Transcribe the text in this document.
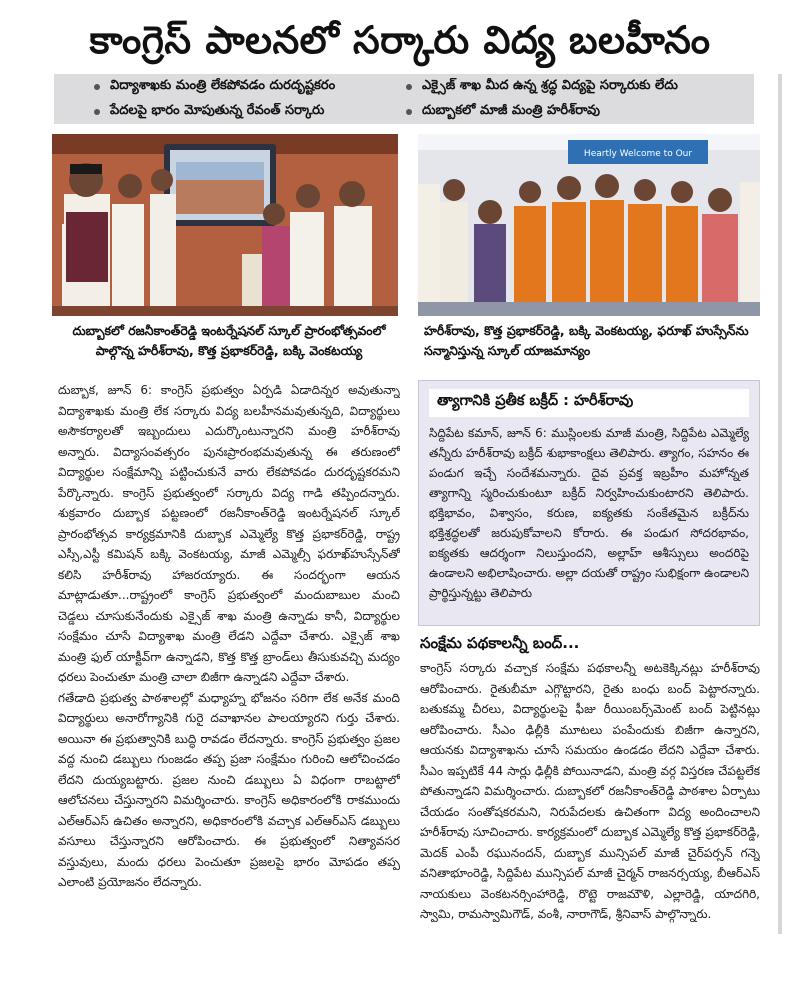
కాంగ్రెస్ పాలనలో సర్కారు విద్య బలహీనం
విద్యాశాఖకు మంత్రి లేకపోవడం దురదృష్టకరం	ఎక్సైజ్ శాఖ మీద ఉన్న శ్రద్ధ విద్యపై సర్కారుకు లేదు
పేదలపై భారం మోపుతున్న రేవంత్ సర్కారు	దుబ్బాకలో మాజీ మంత్రి హరీశ్‌రావు
Heartly Welcome to Our
దుబ్బాకలో రజనీకాంత్‌రెడ్డి ఇంటర్నేషనల్ స్కూల్ ప్రారంభోత్సవంలో పాల్గొన్న హరీశ్‌రావు, కొత్త ప్రభాకర్‌రెడ్డి, బక్కి వెంకటయ్య
హరీశ్‌రావు, కొత్త ప్రభాకర్‌రెడ్డి, బక్కి వెంకటయ్య, ఫరూఖ్ హుస్సేన్‌ను సన్మానిస్తున్న స్కూల్ యాజమాన్యం

దుబ్బాక, జూన్ 6: కాంగ్రెస్ ప్రభుత్వం ఏర్పడి ఏడాదిన్నర అవుతున్నా విద్యాశాఖకు మంత్రి లేక సర్కారు విద్య బలహీనమవుతున్నది, విద్యార్థులు అసౌకర్యాలతో ఇబ్బందులు ఎదుర్కొంటున్నారని మంత్రి హరీశ్‌రావు అన్నారు. విద్యాసంవత్సరం పునఃప్రారంభమవుతున్న ఈ తరుణంలో విద్యార్థుల సంక్షేమాన్ని పట్టించుకునే వారు లేకపోవడం దురదృష్టకరమని పేర్కొన్నారు. కాంగ్రెస్ ప్రభుత్వంలో సర్కారు విద్య గాడి తప్పిందన్నారు. శుక్రవారం దుబ్బాక పట్టణంలో రజనీకాంత్‌రెడ్డి ఇంటర్నేషనల్ స్కూల్ ప్రారంభోత్సవ కార్యక్రమానికి దుబ్బాక ఎమ్మెల్యే కొత్త ప్రభాకర్‌రెడ్డి, రాష్ట్ర ఎస్సీ,ఎస్టీ కమిషన్ బక్కి వెంకటయ్య, మాజీ ఎమ్మెల్సీ ఫరూఖ్‌హుస్సేన్‌తో కలిసి హరీశ్‌రావు హాజరయ్యారు. ఈ సందర్భంగా ఆయన మాట్లాడుతూ...రాష్ట్రంలో కాంగ్రెస్ ప్రభుత్వంలో మందుబాబుల మంచి చెడ్డలు చూసుకునేందుకు ఎక్సైజ్ శాఖ మంత్రి ఉన్నాడు కానీ, విద్యార్థుల సంక్షేమం చూసే విద్యాశాఖ మంత్రి లేడని ఎద్దేవా చేశారు. ఎక్సైజ్ శాఖ మంత్రి ఫుల్ యాక్టీవ్‌గా ఉన్నాడని, కొత్త కొత్త బ్రాండ్‌లు తీసుకువచ్చి మద్యం ధరలు పెంచుతూ మంత్రి చాలా బిజీగా ఉన్నాడని ఎద్దేవా చేశారు.

గతేడాది ప్రభుత్వ పాఠశాలల్లో మధ్యాహ్న భోజనం సరిగా లేక అనేక మంది విద్యార్థులు అనారోగ్యానికి గురై దవాఖానల పాలయ్యారని గుర్తు చేశారు. అయినా ఈ ప్రభుత్వానికి బుద్ధి రావడం లేదన్నారు. కాంగ్రెస్ ప్రభుత్వం ప్రజల వద్ద నుంచి డబ్బులు గుంజడం తప్ప ప్రజా సంక్షేమం గురించి ఆలోచించడం లేదని దుయ్యబట్టారు. ప్రజల నుంచి డబ్బులు ఏ విధంగా రాబట్టాలో ఆలోచనలు చేస్తున్నారని విమర్శించారు. కాంగ్రెస్ అధికారంలోకి రాకముందు ఎల్‌ఆర్‌ఎస్ ఉచితం అన్నారని, అధికారంలోకి వచ్చాక ఎల్‌ఆర్‌ఎస్ డబ్బులు వసూలు చేస్తున్నారని ఆరోపించారు. ఈ ప్రభుత్వంలో నిత్యావసర వస్తువులు, మందు ధరలు పెంచుతూ ప్రజలపై భారం మోపడం తప్ప ఎలాంటి ప్రయోజనం లేదన్నారు.

త్యాగానికి ప్రతీక బక్రీద్ : హరీశ్‌రావు
సిద్దిపేట కమాన్, జూన్ 6: ముస్లింలకు మాజీ మంత్రి, సిద్దిపేట ఎమ్మెల్యే తన్నీరు హరీశ్‌రావు బక్రీద్ శుభాకాంక్షలు తెలిపారు. త్యాగం, సహనం ఈ పండుగ ఇచ్చే సందేశమన్నారు. దైవ ప్రవక్త ఇబ్రహీం మహోన్నత త్యాగాన్ని స్మరించుకుంటూ బక్రీద్ నిర్వహించుకుంటారని తెలిపారు. భక్తిభావం, విశ్వాసం, కరుణ, ఐక్యతకు సంకేతమైన బక్రీద్‌ను భక్తిశ్రద్ధలతో జరుపుకోవాలని కోరారు. ఈ పండుగ సోదరభావం, ఐక్యతకు ఆదర్శంగా నిలుస్తుందని, అల్లాహ్ ఆశీస్సులు అందరిపై ఉండాలని అభిలాషించారు. అల్లా దయతో రాష్ట్రం సుభిక్షంగా ఉండాలని ప్రార్థిస్తున్నట్టు తెలిపారు
సంక్షేమ పథకాలన్నీ బంద్...
కాంగ్రెస్ సర్కారు వచ్చాక సంక్షేమ పథకాలన్నీ అటకెక్కినట్లు హరీశ్‌రావు ఆరోపించారు. రైతుబీమా ఎగ్గొట్టారని, రైతు బంధు బంద్ పెట్టారన్నారు. బతుకమ్మ చీరలు, విద్యార్థులపై ఫీజు రీయింబర్స్‌మెంట్ బంద్ పెట్టినట్లు ఆరోపించారు. సీఎం ఢిల్లీకి మూటలు పంపేందుకు బిజీగా ఉన్నారని, ఆయనకు విద్యాశాఖను చూసే సమయం ఉండడం లేదని ఎద్దేవా చేశారు. సీఎం ఇప్పటికే 44 సార్లు ఢిల్లీకి పోయినాడని, మంత్రి వర్గ విస్తరణ చేపట్టలేక పోతున్నాడని విమర్శించారు. దుబ్బాకలో రజనీకాంత్‌రెడ్డి పాఠశాల ఏర్పాటు చేయడం సంతోషకరమని, నిరుపేదలకు ఉచితంగా విద్య అందించాలని హరీశ్‌రావు సూచించారు. కార్యక్రమంలో దుబ్బాక ఎమ్మెల్యే కొత్త ప్రభాకర్‌రెడ్డి, మెదక్ ఎంపీ రఘునందన్, దుబ్బాక మున్సిపల్ మాజీ చైర్‌పర్సన్ గన్నె వనితాభూంరెడ్డి, సిద్దిపేట మున్సిపల్ మాజీ చైర్మన్ రాజనర్సయ్య, బీఆర్‌ఎస్ నాయకులు వెంకటనర్సింహారెడ్డి, రొట్టె రాజమౌళి, ఎల్లారెడ్డి, యాదగిరి, స్వామి, రామస్వామిగౌడ్, వంశీ, నారాగౌడ్, శ్రీనివాస్ పాల్గొన్నారు.
